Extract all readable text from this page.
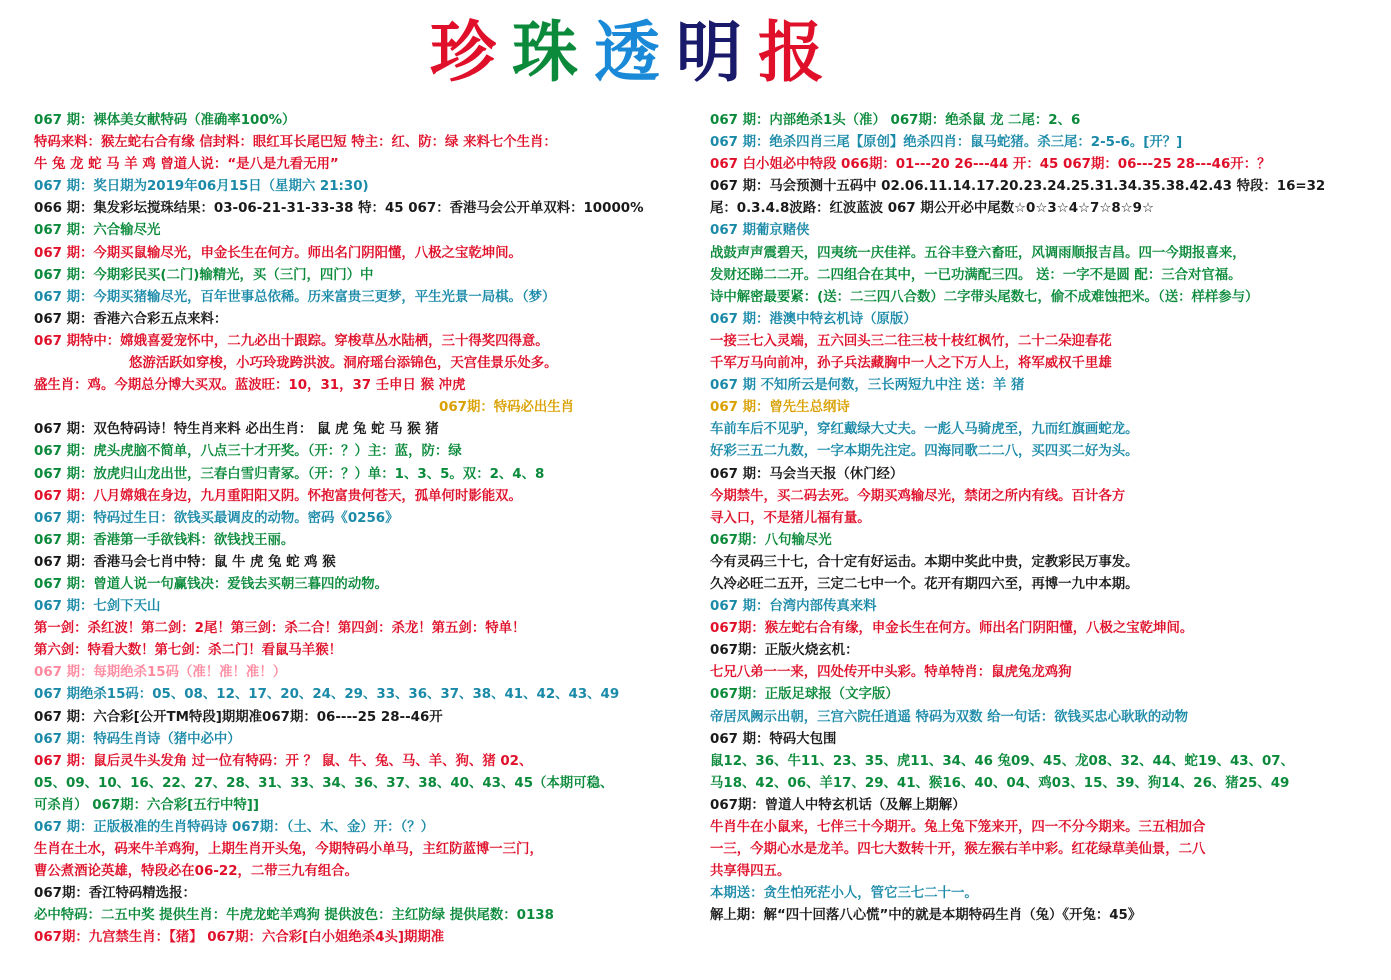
珍珠透明报
067 期：裸体美女献特码（准确率100%）
特码来料：猴左蛇右合有缘 信封料：眼红耳长尾巴短 特主：红、防：绿 来料七个生肖：
牛 兔 龙 蛇 马 羊 鸡 曾道人说：“是八是九看无用”
067 期：奖日期为2019年06月15日（星期六 21:30)
066 期：集发彩坛搅珠结果：03-06-21-31-33-38 特：45 067：香港马会公开单双料：10000%
067 期：六合输尽光
067 期：今期买鼠输尽光，申金长生在何方。师出名门阴阳懂，八极之宝乾坤间。
067 期：今期彩民买(二门)输精光，买（三门，四门）中
067 期：今期买猪输尽光，百年世事总依稀。历来富贵三更梦，平生光景一局棋。（梦）
067 期：香港六合彩五点来料：
067 期特中：嫦娥喜爱宠怀中，二九必出十跟踪。穿梭草丛水陆栖，三十得奖四得意。
悠游活跃如穿梭，小巧玲珑跨洪波。洞府瑶台添锦色，天宫佳景乐处多。
盛生肖：鸡。今期总分博大买双。蓝波旺：10，31，37 壬申日 猴 冲虎
067期：特码必出生肖
067 期：双色特码诗！特生肖来料 必出生肖： 鼠 虎 兔 蛇 马 猴 猪
067 期：虎头虎脑不简单，八点三十才开奖。（开：？）主：蓝，防：绿
067 期：放虎归山龙出世，三春白雪归青冢。（开：？）单：1、3、5。双：2、4、8
067 期：八月嫦娥在身边，九月重阳阳又阴。怀抱富贵何苍天，孤单何时影能双。
067 期：特码过生日：欲钱买最调皮的动物。密码《0256》
067 期：香港第一手欲钱料：欲钱找王丽。
067 期：香港马会七肖中特：鼠 牛 虎 兔 蛇 鸡 猴
067 期：曾道人说一句赢钱决：爱钱去买朝三暮四的动物。
067 期：七剑下天山
第一剑：杀红波！第二剑：2尾！第三剑：杀二合！第四剑：杀龙！第五剑：特单！
第六剑：特看大数！第七剑：杀二门！看鼠马羊猴！
067 期：每期绝杀15码（准！准！准！）
067 期绝杀15码：05、08、12、17、20、24、29、33、36、37、38、41、42、43、49
067 期：六合彩[公开TM特段]期期准067期：06----25 28--46开
067 期：特码生肖诗（猪中必中）
067 期：鼠后灵牛头发角 过一位有特码：开 ？ 鼠、牛、兔、马、羊、狗、猪 02、
05、09、10、16、22、27、28、31、33、34、36、37、38、40、43、45（本期可稳、
可杀肖） 067期：六合彩[五行中特]]
067 期：正版极准的生肖特码诗 067期：（土、木、金）开：（？）
生肖在土水，码来牛羊鸡狗，上期生肖开头兔，今期特码小单马，主红防蓝博一三门，
曹公煮酒论英雄，特段必在06-22，二带三九有组合。
067期：香江特码精选报：
必中特码：二五中奖 提供生肖：牛虎龙蛇羊鸡狗 提供波色：主红防绿 提供尾数：0138
067期：九宫禁生肖：【猪】 067期：六合彩[白小姐绝杀4头]期期准
067 期：内部绝杀1头（准） 067期：绝杀鼠 龙 二尾：2、6
067 期：绝杀四肖三尾【原创】绝杀四肖：鼠马蛇猪。杀三尾：2-5-6。[开？]
067 白小姐必中特段 066期：01---20 26---44 开：45 067期：06---25 28---46开：？
067 期：马会预测十五码中 02.06.11.14.17.20.23.24.25.31.34.35.38.42.43 特段：16=32
尾：0.3.4.8波路：红波蓝波 067 期公开必中尾数☆0☆3☆4☆7☆8☆9☆
067 期葡京赌侠
战鼓声声震碧天，四夷统一庆佳祥。五谷丰登六畜旺，风调雨顺报吉昌。四一今期报喜来，
发财还睇二二开。二四组合在其中，一已功满配三四。 送：一字不是圆 配：三合对官福。
诗中解密最要紧：(送：二三四八合数）二字带头尾数七，偷不成难蚀把米。（送：样样参与）
067 期：港澳中特玄机诗（原版）
一接三七入灵端，五六回头三二往三枝十枝红枫竹，二十二朵迎春花
千军万马向前冲，孙子兵法藏胸中一人之下万人上，将军威权千里雄
067 期 不知所云是何数，三长两短九中注 送：羊 猪
067 期：曾先生总纲诗
车前车后不见驴，穿红戴绿大丈夫。一彪人马骑虎至，九而红旗画蛇龙。
好彩三五二九数，一字本期先注定。四海同歌二二八，买四买二好为头。
067 期：马会当天报（休门经）
今期禁牛，买二码去死。今期买鸡输尽光，禁闭之所内有线。百计各方
寻入口，不是猪儿福有量。
067期：八句输尽光
今有灵码三十七，合十定有好运击。本期中奖此中贵，定教彩民万事发。
久冷必旺二五开，三定二七中一个。花开有期四六至，再博一九中本期。
067 期：台湾内部传真来料
067期：猴左蛇右合有缘，申金长生在何方。师出名门阴阳懂，八极之宝乾坤间。
067期：正版火烧玄机：
七兄八弟一一来，四处传开中头彩。特单特肖：鼠虎兔龙鸡狗
067期：正版足球报（文字版）
帝居凤阙示出朝，三宫六院任逍遥 特码为双数 给一句话：欲钱买忠心耿耿的动物
067 期：特码大包围
鼠12、36、牛11、23、35、虎11、34、46 兔09、45、龙08、32、44、蛇19、43、07、
马18、42、06、羊17、29、41、猴16、40、04、鸡03、15、39、狗14、26、猪25、49
067期：曾道人中特玄机话（及解上期解）
牛肖牛在小鼠来，七伴三十今期开。兔上兔下笼来开，四一不分今期来。三五相加合
一三，今期心水是龙羊。四七大数转十开，猴左猴右羊中彩。红花绿草美仙景，二八
共享得四五。
本期送：贪生怕死茫小人，管它三七二十一。
解上期：解“四十回落八心慌”中的就是本期特码生肖（兔）《开兔：45》
